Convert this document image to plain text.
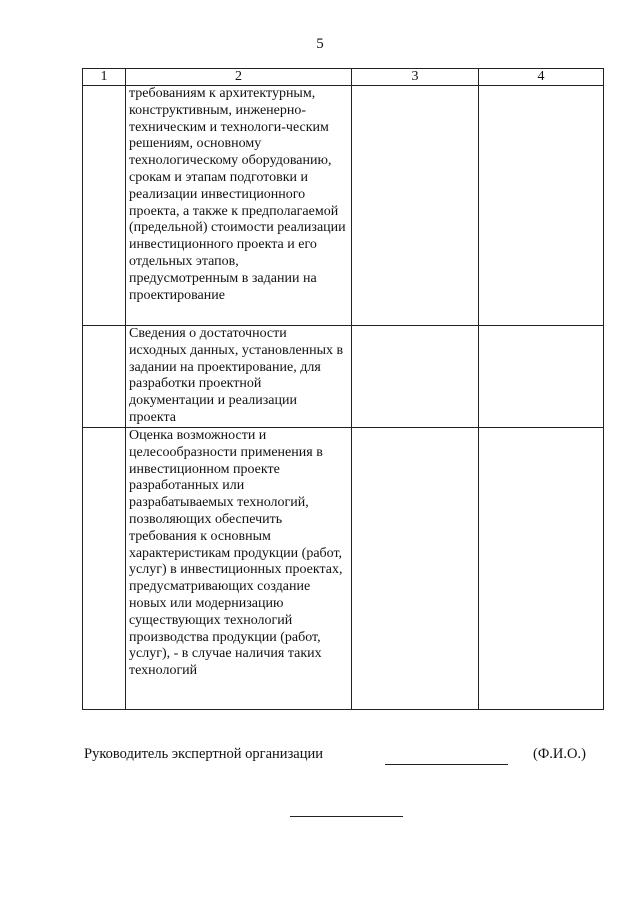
5
1	2	3	4

	требованиям к архитектурным, конструктивным, инженерно-техническим и технологи-ческим решениям, основному технологическому оборудованию, срокам и этапам подготовки и реализации инвестиционного проекта, а также к предполагаемой (предельной) стоимости реализации инвестиционного проекта и его отдельных этапов, предусмотренным в задании на проектирование		

	Сведения о достаточности исходных данных, установленных в задании на проектирование, для разработки проектной документации и реализации проекта		

	Оценка возможности и целесообразности применения в инвестиционном проекте разработанных или разрабатываемых технологий, позволяющих обеспечить требования к основным характеристикам продукции (работ, услуг) в инвестиционных проектах, предусматривающих создание новых или модернизацию существующих технологий производства продукции (работ, услуг), - в случае наличия таких технологий		

Руководитель экспертной организации	(Ф.И.О.)
